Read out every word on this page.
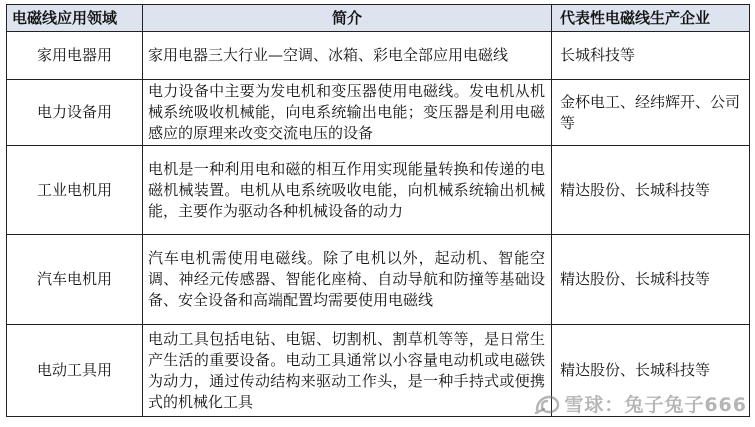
电磁线应用领域	简介	代表性电磁线生产企业
家用电器用	家用电器三大行业—空调、冰箱、彩电全部应用电磁线	长城科技等
电力设备用	电力设备中主要为发电机和变压器使用电磁线。发电机从机械系统吸收机械能，向电系统输出电能；变压器是利用电磁感应的原理来改变交流电压的设备	金杯电工、经纬辉开、公司等
工业电机用	电机是一种利用电和磁的相互作用实现能量转换和传递的电磁机械装置。电机从电系统吸收电能，向机械系统输出机械能，主要作为驱动各种机械设备的动力	精达股份、长城科技等
汽车电机用	汽车电机需使用电磁线。除了电机以外，起动机、智能空调、神经元传感器、智能化座椅、自动导航和防撞等基础设备、安全设备和高端配置均需要使用电磁线	精达股份、长城科技等
电动工具用	电动工具包括电钻、电锯、切割机、割草机等等，是日常生产生活的重要设备。电动工具通常以小容量电动机或电磁铁为动力，通过传动结构来驱动工作头，是一种手持式或便携式的机械化工具	精达股份、长城科技等
雪球：兔子兔子666
